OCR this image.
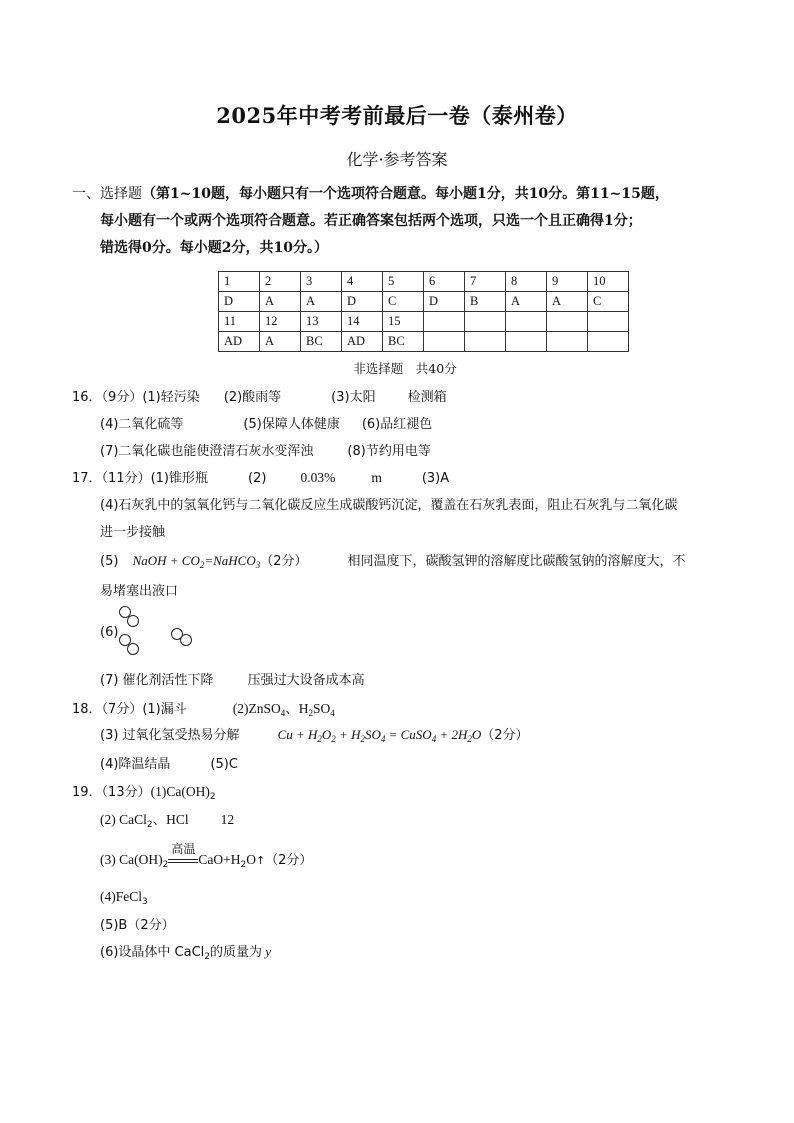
2025年中考考前最后一卷（泰州卷）
化学·参考答案
一、选择题（第1~10题，每小题只有一个选项符合题意。每小题1分，共10分。第11~15题，
每小题有一个或两个选项符合题意。若正确答案包括两个选项，只选一个且正确得1分；
错选得0分。每小题2分，共10分。）
1	2	3	4	5	6	7	8	9	10
D	A	A	D	C	D	B	A	A	C
11	12	13	14	15					
AD	A	BC	AD	BC					
非选择题　共40分
16．（9分）(1)轻污染 (2)酸雨等	(3)太阳 检测箱
(4)二氧化硫等	(5)保障人体健康 (6)品红褪色
(7)二氧化碳也能使澄清石灰水变浑浊	(8)节约用电等
17．（11分）(1)锥形瓶	(2)	0.03%	m	(3)A
(4)石灰乳中的氢氧化钙与二氧化碳反应生成碳酸钙沉淀，覆盖在石灰乳表面，阻止石灰乳与二氧化碳
进一步接触
(5) NaOH + $CO_2=NaHCO_3(2$分）	相同温度下，碳酸氢钾的溶解度比碳酸氢钠的溶解度大，不
易堵塞出液口
(6)
(7) 催化剂活性下降	压强过大设备成本高
18．（7分）(1)漏斗	(2)ZnSO$_4$、$H_2SO_4$
(3) 过氧化氢受热易分解	$Cu + H_2O_2 + H_2SO_4$ = CuSO$_4$ + $2H_2O(2$分）
(4)降温结晶	(5)C
19．（13分）$(1)Ca(OH)_2$
(2) CaCl$_2$、HCl 12
(3) $Ca(OH)_2$
高温
$CaO+H_2O↑(2$分）
(4)FeCl$_3$
(5)B（2分）
(6)设晶体中 CaCl$_2$的质量为 y
